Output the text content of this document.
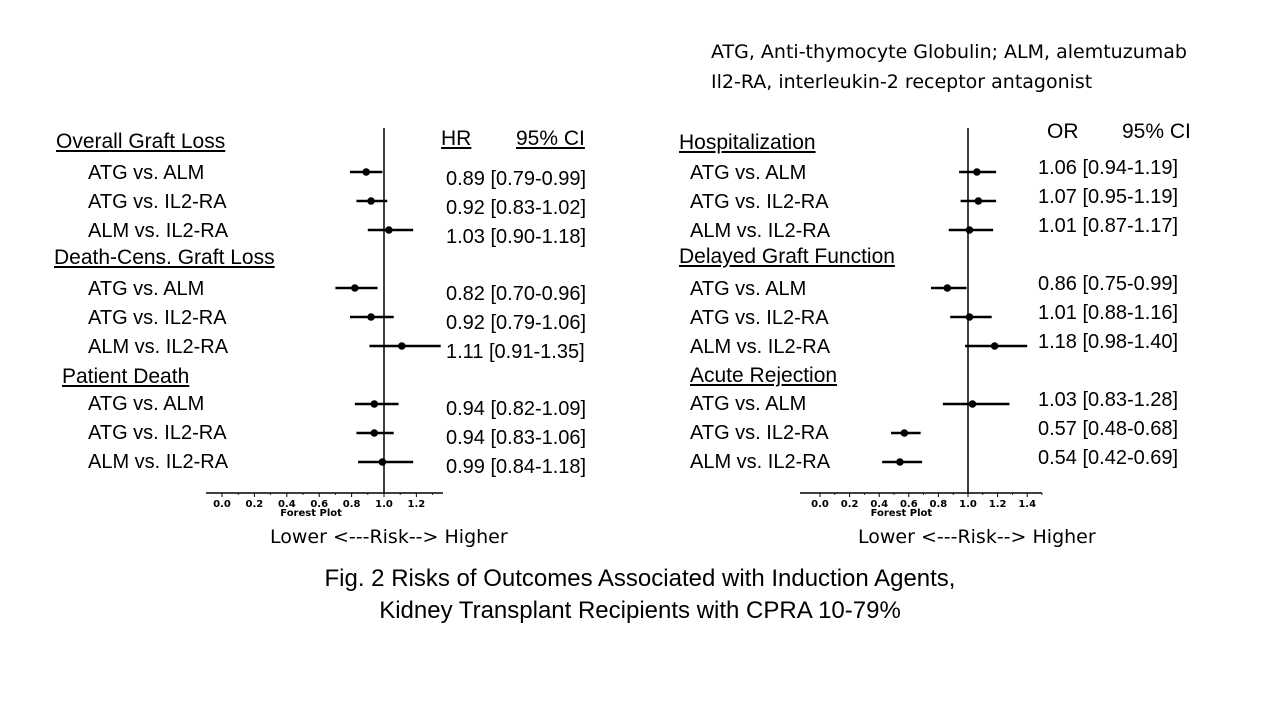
ATG, Anti-thymocyte Globulin; ALM, alemtuzumab
Il2-RA, interleukin-2 receptor antagonist
HR 95% CI
Overall Graft Loss
ATG vs. ALM
ATG vs. IL2-RA
ALM vs. IL2-RA
0.89 [0.79-0.99]
0.92 [0.83-1.02]
1.03 [0.90-1.18]
Death-Cens. Graft Loss
ATG vs. ALM
ATG vs. IL2-RA
ALM vs. IL2-RA
0.82 [0.70-0.96]
0.92 [0.79-1.06]
1.11 [0.91-1.35]
Patient Death
ATG vs. ALM
ATG vs. IL2-RA
ALM vs. IL2-RA
0.94 [0.82-1.09]
0.94 [0.83-1.06]
0.99 [0.84-1.18]
Lower <---Risk--> Higher
OR 95% CI
Hospitalization
ATG vs. ALM
ATG vs. IL2-RA
ALM vs. IL2-RA
1.06 [0.94-1.19]
1.07 [0.95-1.19]
1.01 [0.87-1.17]
Delayed Graft Function
ATG vs. ALM
ATG vs. IL2-RA
ALM vs. IL2-RA
0.86 [0.75-0.99]
1.01 [0.88-1.16]
1.18 [0.98-1.40]
Acute Rejection
ATG vs. ALM
ATG vs. IL2-RA
ALM vs. IL2-RA
1.03 [0.83-1.28]
0.57 [0.48-0.68]
0.54 [0.42-0.69]
Lower <---Risk--> Higher
Fig. 2 Risks of Outcomes Associated with Induction Agents,
Kidney Transplant Recipients with CPRA 10-79%
0.0 0.2 0.4 0.6 0.8 1.0 1.2
Forest Plot
0.0 0.2 0.4 0.6 0.8 1.0 1.2 1.4
Forest Plot
